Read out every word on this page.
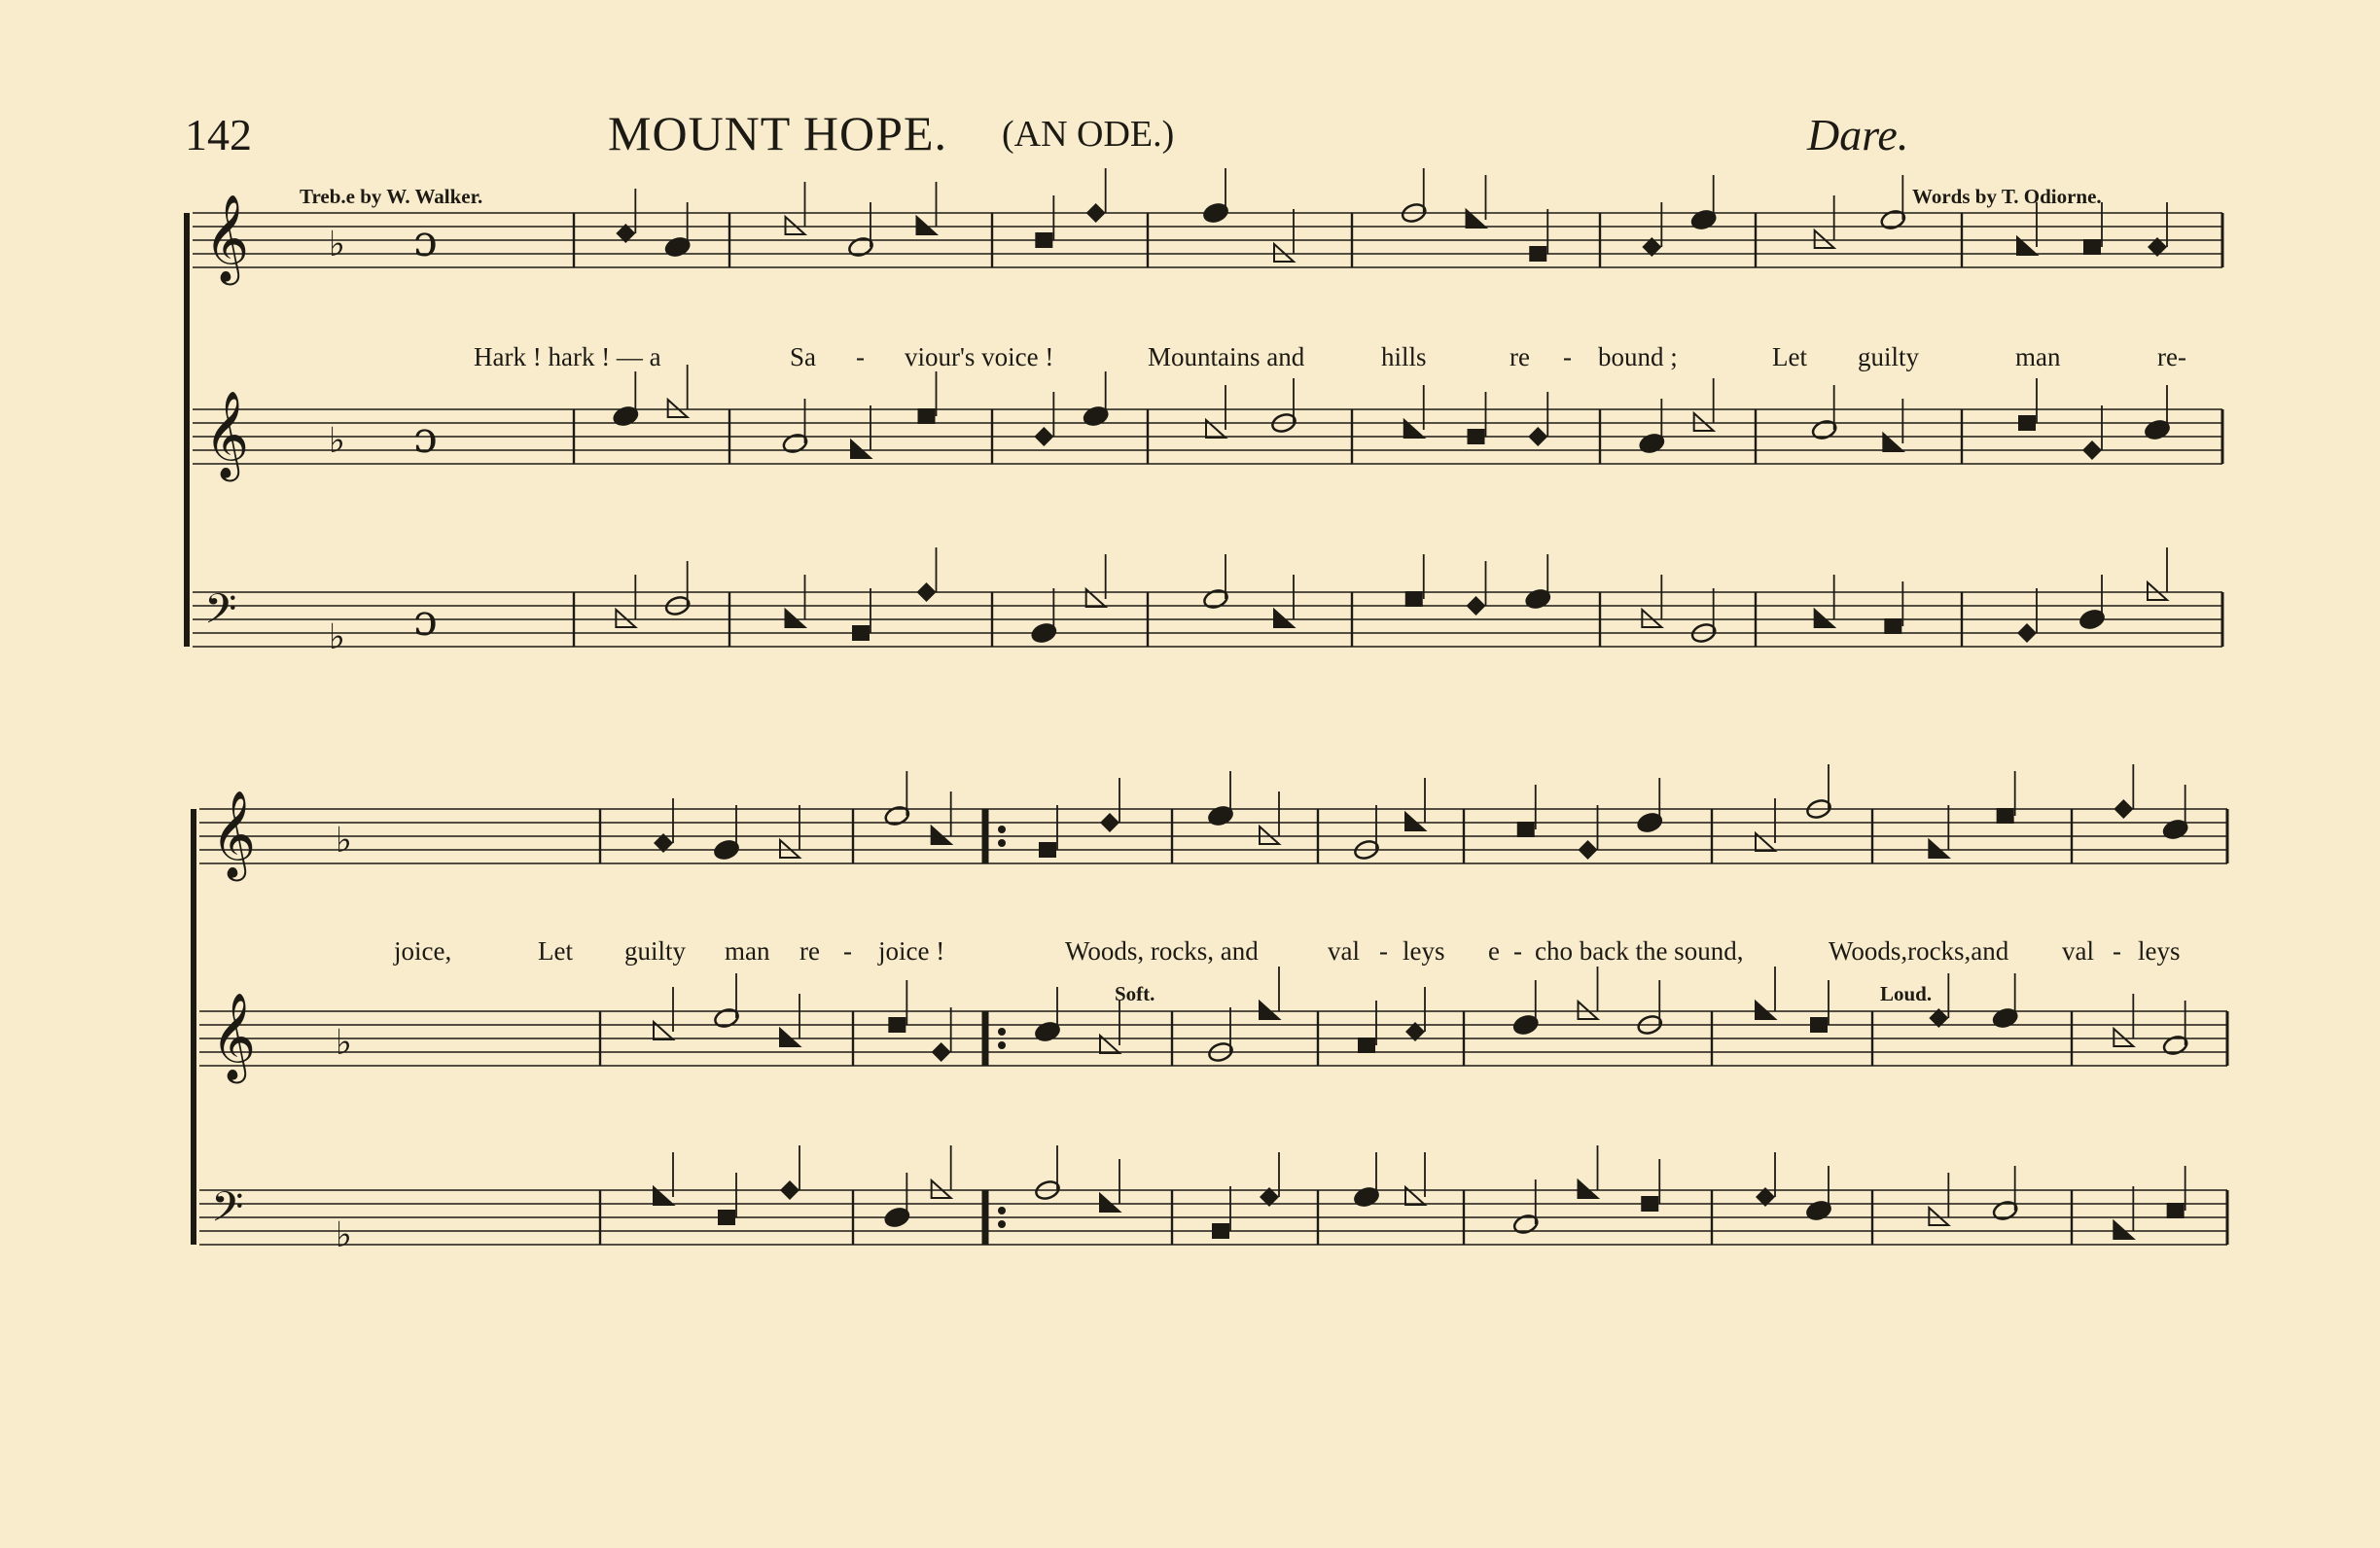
142	MOUNT HOPE. (AN ODE.)	Dare.
Treb.e by W. Walker.	Words by T. Odiorne.
Hark ! hark ! — a	Sa - viour's voice !	Mountains and	hills	re - bound ;	Let guilty	man	re-
joice,	Let guilty man re - joice !	Woods, rocks, and	val - leys e - cho back the sound,	Woods,rocks,and val - leys
Soft.	Loud.
𝄞 ♭
𝄞 ♭
𝄢	♭
𝄞 ♭
𝄞 ♭
𝄢	♭
ɔ
ɔ
ɔ
